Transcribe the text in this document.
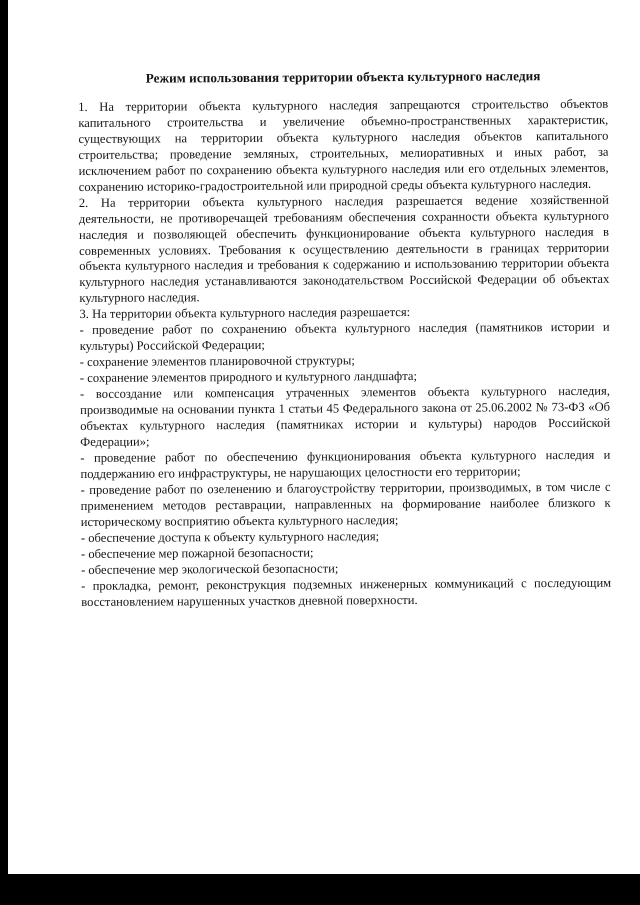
Режим использования территории объекта культурного наследия

1. На территории объекта культурного наследия запрещаются строительство объектов капитального строительства и увеличение объемно-пространственных характеристик, существующих на территории объекта культурного наследия объектов капитального строительства; проведение земляных, строительных, мелиоративных и иных работ, за исключением работ по сохранению объекта культурного наследия или его отдельных элементов, сохранению историко-градостроительной или природной среды объекта культурного наследия.

2. На территории объекта культурного наследия разрешается ведение хозяйственной деятельности, не противоречащей требованиям обеспечения сохранности объекта культурного наследия и позволяющей обеспечить функционирование объекта культурного наследия в современных условиях. Требования к осуществлению деятельности в границах территории объекта культурного наследия и требования к содержанию и использованию территории объекта культурного наследия устанавливаются законодательством Российской Федерации об объектах культурного наследия.

3. На территории объекта культурного наследия разрешается:

- проведение работ по сохранению объекта культурного наследия (памятников истории и культуры) Российской Федерации;
- сохранение элементов планировочной структуры;
- сохранение элементов природного и культурного ландшафта;
- воссоздание или компенсация утраченных элементов объекта культурного наследия, производимые на основании пункта 1 статьи 45 Федерального закона от 25.06.2002 № 73-ФЗ «Об объектах культурного наследия (памятниках истории и культуры) народов Российской Федерации»;
- проведение работ по обеспечению функционирования объекта культурного наследия и поддержанию его инфраструктуры, не нарушающих целостности его территории;
- проведение работ по озеленению и благоустройству территории, производимых, в том числе с применением методов реставрации, направленных на формирование наиболее близкого к историческому восприятию объекта культурного наследия;
- обеспечение доступа к объекту культурного наследия;
- обеспечение мер пожарной безопасности;
- обеспечение мер экологической безопасности;
- прокладка, ремонт, реконструкция подземных инженерных коммуникаций с последующим восстановлением нарушенных участков дневной поверхности.
